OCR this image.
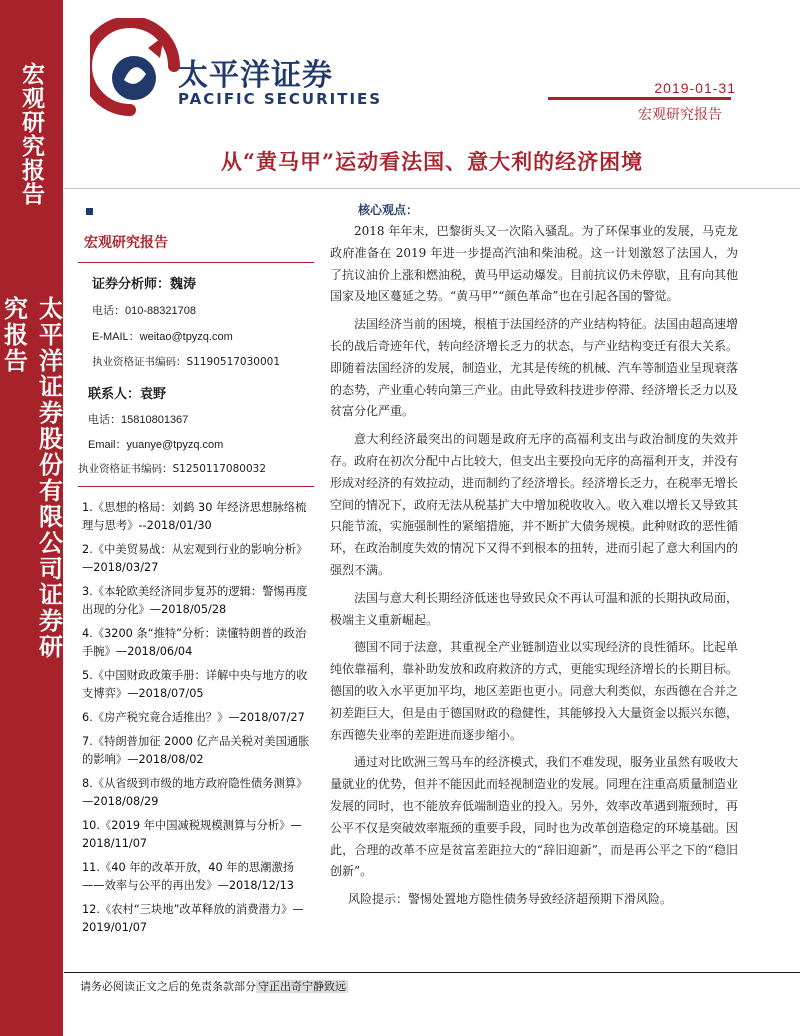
宏观研究报告
太平洋证券股份有限公司证券研究报告
太平洋证券
PACIFIC SECURITIES
2019-01-31
宏观研究报告
从“黄马甲”运动看法国、意大利的经济困境
宏观研究报告
证券分析师：魏涛
电话：010-88321708
E-MAIL：weitao@tpyzq.com
执业资格证书编码：S1190517030001
联系人：袁野
电话：15810801367
Email：yuanye@tpyzq.com
执业资格证书编码：S1250117080032
1.《思想的格局：刘鹤 30 年经济思想脉络梳理与思考》--2018/01/30
2.《中美贸易战：从宏观到行业的影响分析》—2018/03/27
3.《本轮欧美经济同步复苏的逻辑：警惕再度出现的分化》—2018/05/28
4.《3200 条“推特”分析：读懂特朗普的政治手腕》—2018/06/04
5.《中国财政政策手册：详解中央与地方的收支博弈》—2018/07/05
6.《房产税究竟合适推出？》—2018/07/27
7.《特朗普加征 2000 亿产品关税对美国通胀的影响》—2018/08/02
8.《从省级到市级的地方政府隐性债务测算》—2018/08/29
10.《2019 年中国减税规模测算与分析》—2018/11/07
11.《40 年的改革开放，40 年的思潮激扬——效率与公平的再出发》—2018/12/13
12.《农村“三块地”改革释放的消费潜力》—2019/01/07
核心观点：

2018 年年末，巴黎街头又一次陷入骚乱。为了环保事业的发展，马克龙政府准备在 2019 年进一步提高汽油和柴油税。这一计划激怒了法国人，为了抗议油价上涨和燃油税，黄马甲运动爆发。目前抗议仍未停歇，且有向其他国家及地区蔓延之势。“黄马甲”“颜色革命”也在引起各国的警觉。

法国经济当前的困境，根植于法国经济的产业结构特征。法国由超高速增长的战后奇迹年代，转向经济增长乏力的状态，与产业结构变迁有很大关系。即随着法国经济的发展，制造业，尤其是传统的机械、汽车等制造业呈现衰落的态势，产业重心转向第三产业。由此导致科技进步停滞、经济增长乏力以及贫富分化严重。

意大利经济最突出的问题是政府无序的高福利支出与政治制度的失效并存。政府在初次分配中占比较大，但支出主要投向无序的高福利开支，并没有形成对经济的有效拉动，进而制约了经济增长。经济增长乏力，在税率无增长空间的情况下，政府无法从税基扩大中增加税收收入。收入难以增长又导致其只能节流，实施强制性的紧缩措施，并不断扩大债务规模。此种财政的恶性循环，在政治制度失效的情况下又得不到根本的扭转，进而引起了意大利国内的强烈不满。

法国与意大利长期经济低迷也导致民众不再认可温和派的长期执政局面，极端主义重新崛起。

德国不同于法意，其重视全产业链制造业以实现经济的良性循环。比起单纯依靠福利，靠补助发放和政府救济的方式，更能实现经济增长的长期目标。德国的收入水平更加平均，地区差距也更小。同意大利类似，东西德在合并之初差距巨大，但是由于德国财政的稳健性，其能够投入大量资金以振兴东德，东西德失业率的差距进而逐步缩小。

通过对比欧洲三驾马车的经济模式，我们不难发现，服务业虽然有吸收大量就业的优势，但并不能因此而轻视制造业的发展。同理在注重高质量制造业发展的同时，也不能放弃低端制造业的投入。另外，效率改革遇到瓶颈时，再公平不仅是突破效率瓶颈的重要手段，同时也为改革创造稳定的环境基础。因此，合理的改革不应是贫富差距拉大的“辞旧迎新”，而是再公平之下的“稳旧创新”。

风险提示：警惕处置地方隐性债务导致经济超预期下滑风险。

请务必阅读正文之后的免责条款部分 守正出奇宁静致远
